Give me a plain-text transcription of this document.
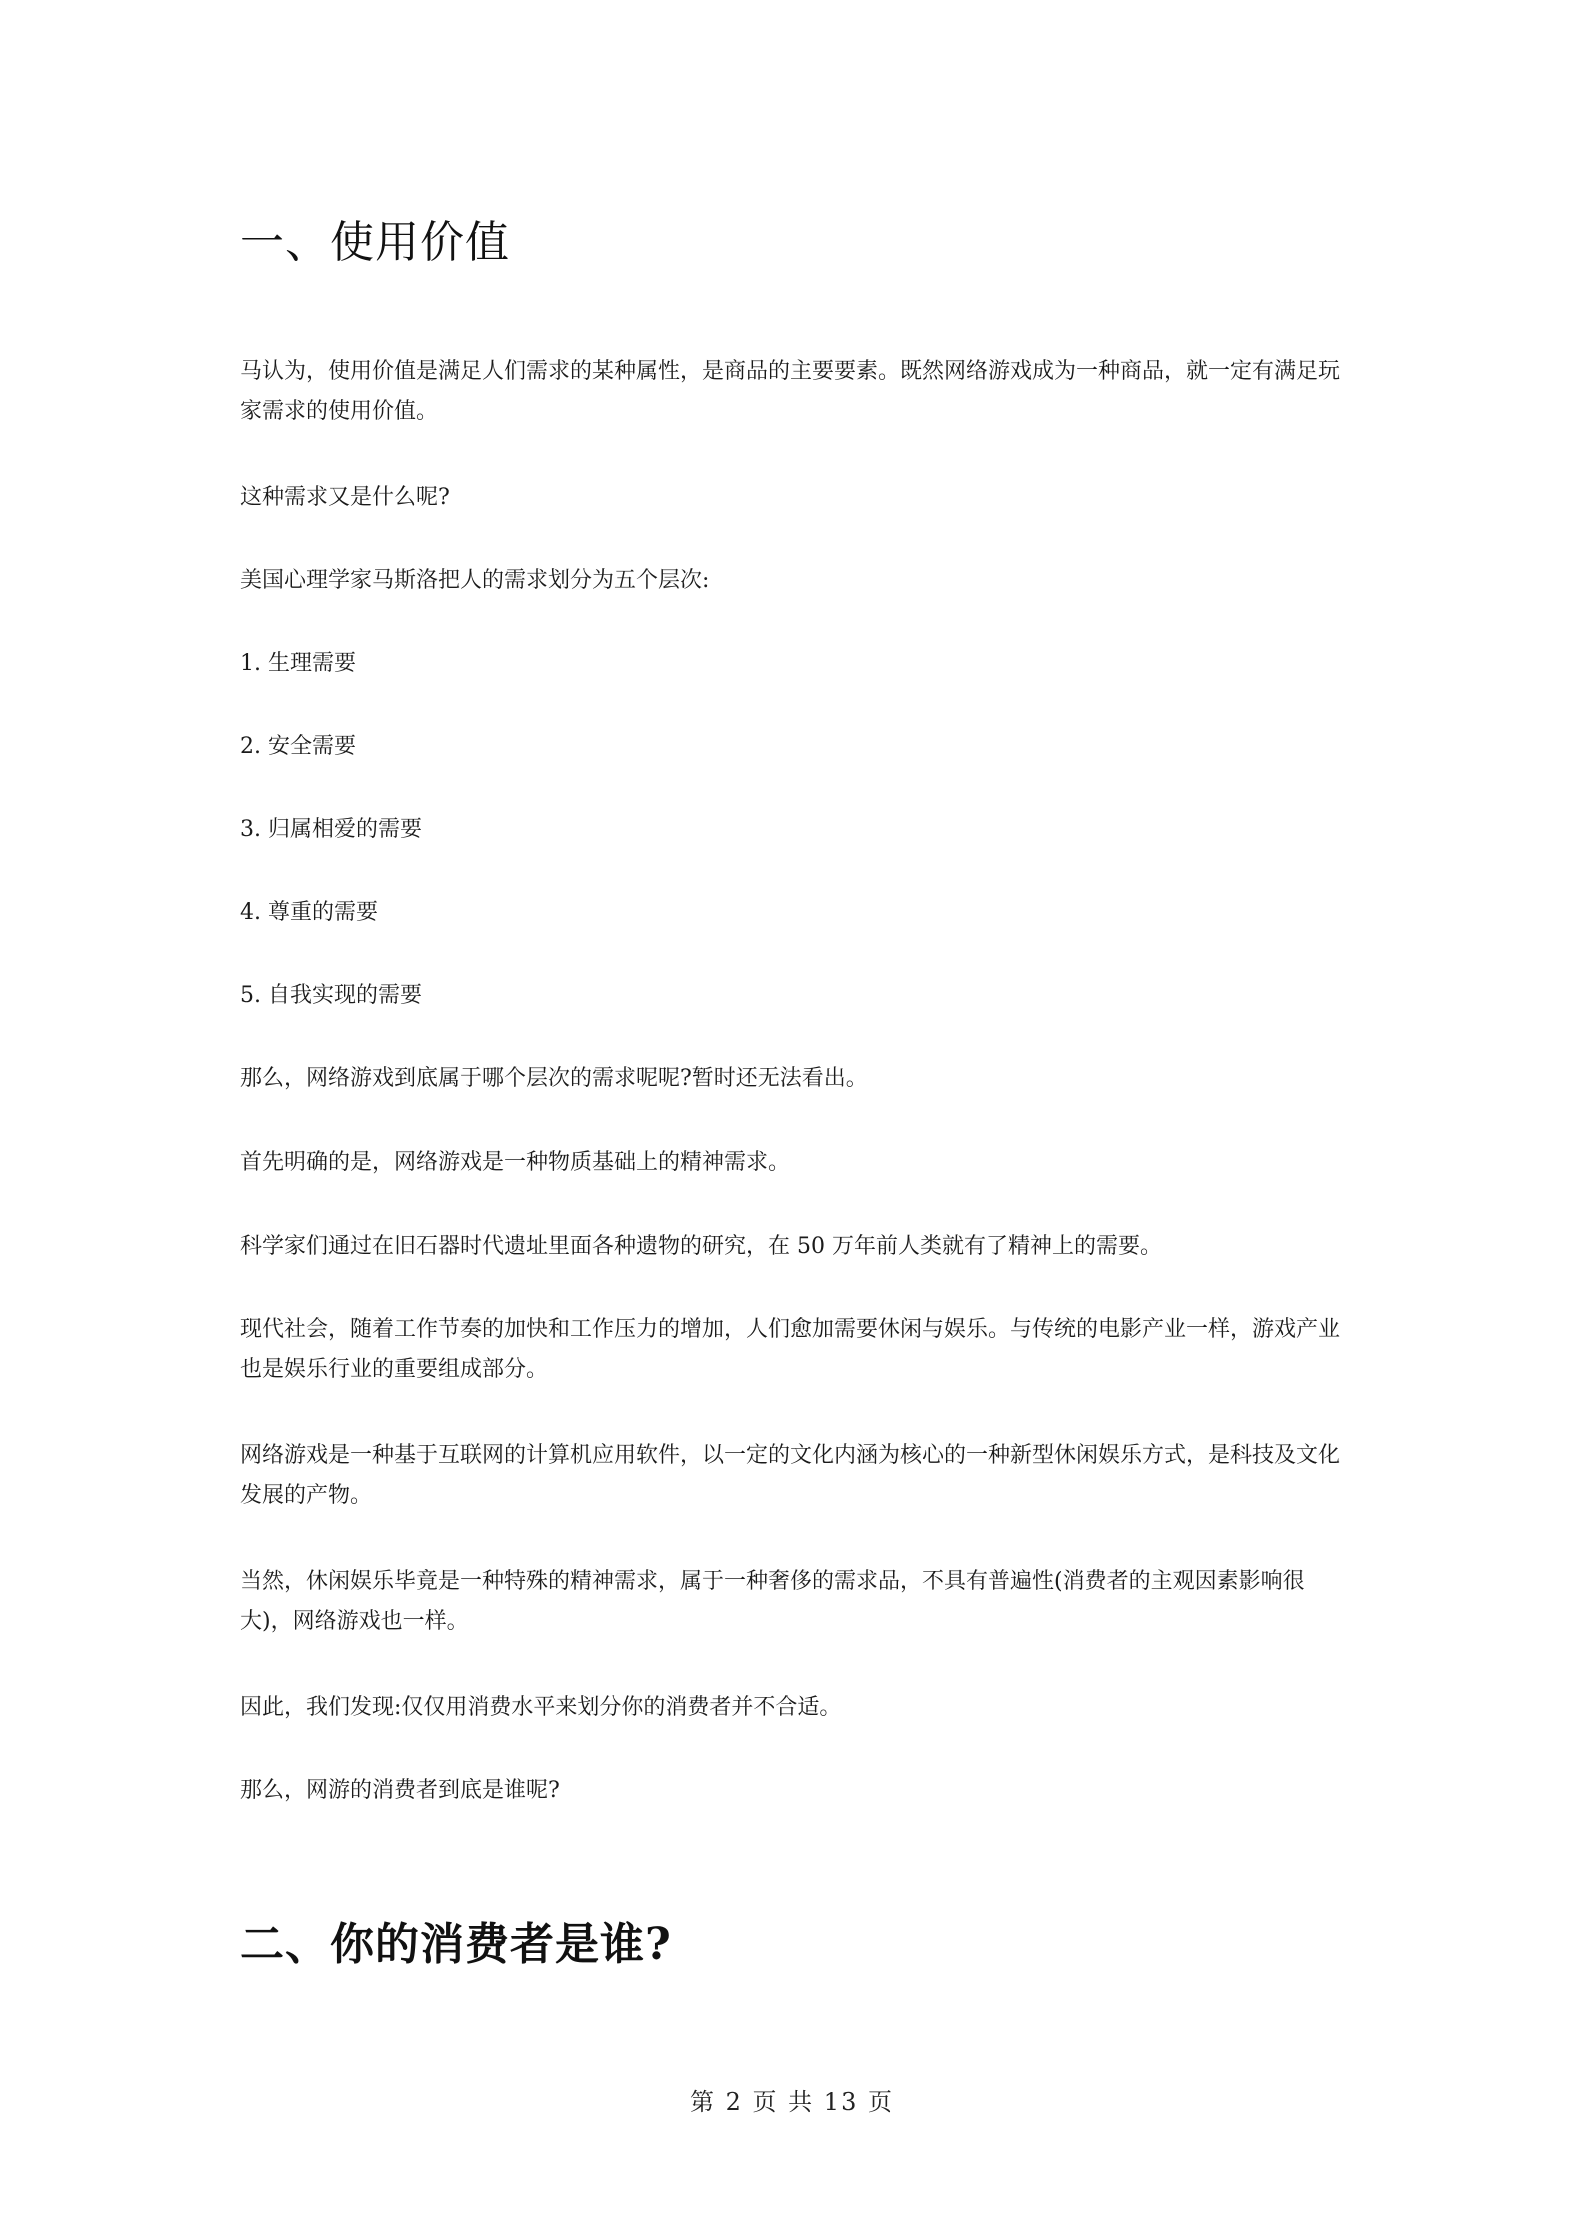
一、使用价值

马认为，使用价值是满足人们需求的某种属性，是商品的主要要素。既然网络游戏成为一种商品，就一定有满足玩家需求的使用价值。

这种需求又是什么呢?

美国心理学家马斯洛把人的需求划分为五个层次:

1. 生理需要

2. 安全需要

3. 归属相爱的需要

4. 尊重的需要

5. 自我实现的需要

那么，网络游戏到底属于哪个层次的需求呢呢?暂时还无法看出。

首先明确的是，网络游戏是一种物质基础上的精神需求。

科学家们通过在旧石器时代遗址里面各种遗物的研究，在 50 万年前人类就有了精神上的需要。

现代社会，随着工作节奏的加快和工作压力的增加，人们愈加需要休闲与娱乐。与传统的电影产业一样，游戏产业也是娱乐行业的重要组成部分。

网络游戏是一种基于互联网的计算机应用软件，以一定的文化内涵为核心的一种新型休闲娱乐方式，是科技及文化发展的产物。

当然，休闲娱乐毕竟是一种特殊的精神需求，属于一种奢侈的需求品，不具有普遍性(消费者的主观因素影响很大)，网络游戏也一样。

因此，我们发现:仅仅用消费水平来划分你的消费者并不合适。

那么，网游的消费者到底是谁呢?

二、你的消费者是谁?
第 2 页 共 13 页
